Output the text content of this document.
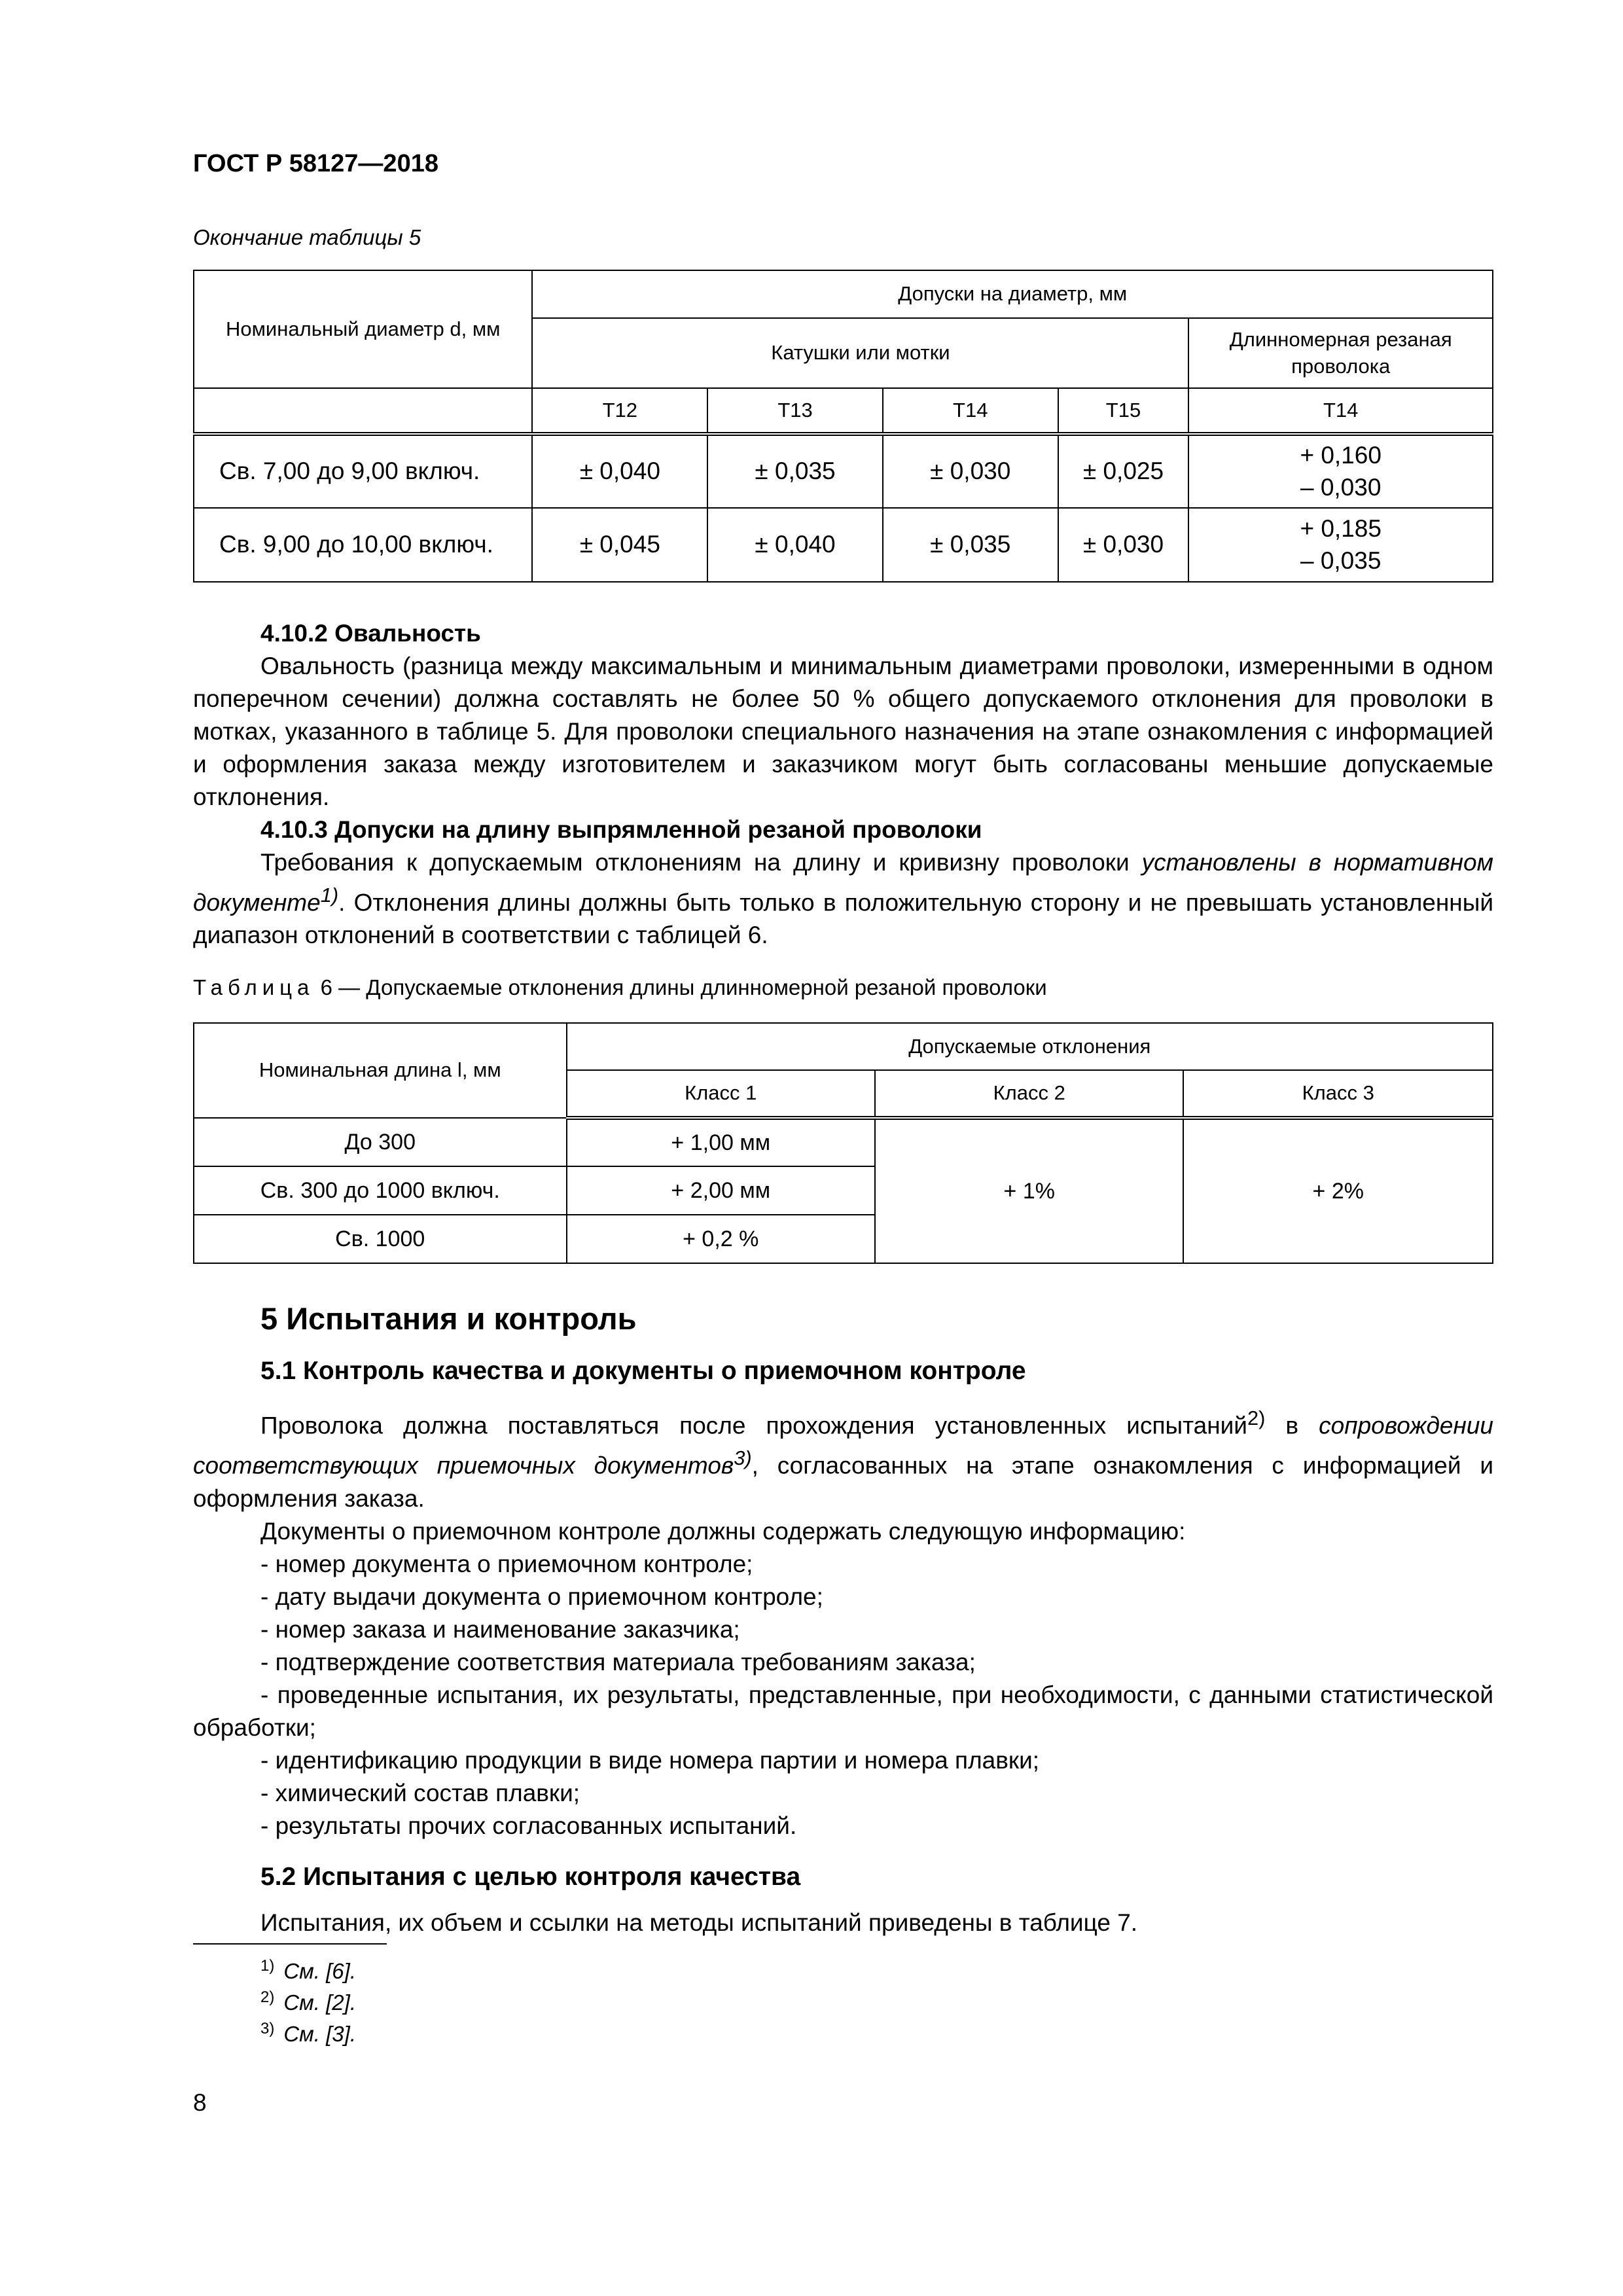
ГОСТ Р 58127—2018
Окончание таблицы 5
Номинальный диаметр d, мм	Допуски на диаметр, мм				
	Катушки или мотки				Длинномерная резаная проволока
	Т12	Т13	Т14	Т15	Т14
Св. 7,00 до 9,00 включ.	± 0,040	± 0,035	± 0,030	± 0,025	+ 0,160
– 0,030

Св. 9,00 до 10,00 включ.	± 0,045	± 0,040	± 0,035	± 0,030	+ 0,185
– 0,035

4.10.2 Овальность

Овальность (разница между максимальным и минимальным диаметрами проволоки, измеренными в одном поперечном сечении) должна составлять не более 50 % общего допускаемого отклонения для проволоки в мотках, указанного в таблице 5. Для проволоки специального назначения на этапе ознакомления с информацией и оформления заказа между изготовителем и заказчиком могут быть согласованы меньшие допускаемые отклонения.

4.10.3 Допуски на длину выпрямленной резаной проволоки

Требования к допускаемым отклонениям на длину и кривизну проволоки установлены в нормативном документе$^{1)}$. Отклонения длины должны быть только в положительную сторону и не превышать установленный диапазон отклонений в соответствии с таблицей 6.

Таблица 6 — Допускаемые отклонения длины длинномерной резаной проволоки
Номинальная длина l, мм	Допускаемые отклонения		
	Класс 1	Класс 2	Класс 3
До 300	+ 1,00 мм	+ 1%	+ 2%
Св. 300 до 1000 включ.	+ 2,00 мм		
Св. 1000	+ 0,2 %		
5 Испытания и контроль

5.1 Контроль качества и документы о приемочном контроле

Проволока должна поставляться после прохождения установленных испытаний$^{2)}$ в сопровождении соответствующих приемочных документов$^{3)}$, согласованных на этапе ознакомления с информацией и оформления заказа.

Документы о приемочном контроле должны содержать следующую информацию:

- номер документа о приемочном контроле;

- дату выдачи документа о приемочном контроле;

- номер заказа и наименование заказчика;

- подтверждение соответствия материала требованиям заказа;

- проведенные испытания, их результаты, представленные, при необходимости, с данными статистической обработки;

- идентификацию продукции в виде номера партии и номера плавки;

- химический состав плавки;

- результаты прочих согласованных испытаний.

5.2 Испытания с целью контроля качества

Испытания, их объем и ссылки на методы испытаний приведены в таблице 7.

$^{1)}$ См. [6].
$^{2)}$ См. [2].
$^{3)}$ См. [3].
8
